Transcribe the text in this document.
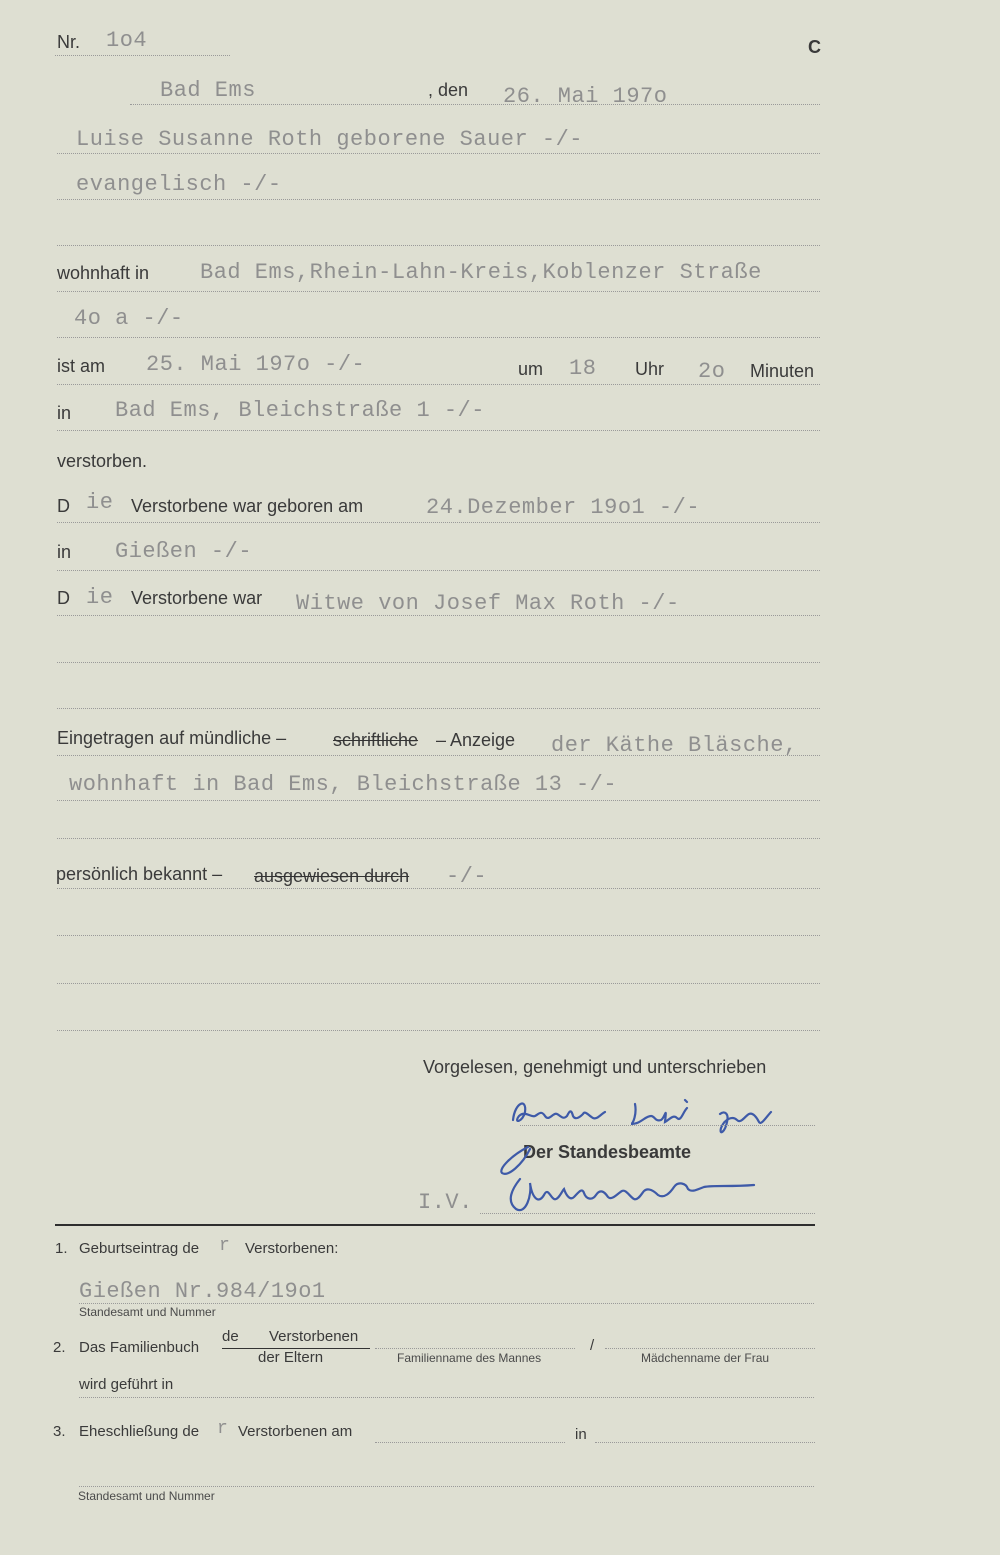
Nr. 1o4	C
Bad Ems	, den 26. Mai 197o
Luise Susanne Roth geborene Sauer -/-
evangelisch -/-
wohnhaft in Bad Ems,Rhein-Lahn-Kreis,Koblenzer Straße
4o a -/-
ist am 25. Mai 197o -/-	um 18 Uhr 2o Minuten
in Bad Ems, Bleichstraße 1 -/-
verstorben.
D ie Verstorbene war geboren am	24.Dezember 19o1 -/-
in Gießen -/-
D ie Verstorbene war Witwe von Josef Max Roth -/-
Eingetragen auf mündliche –	schriftliche – Anzeige der Käthe Bläsche,
wohnhaft in Bad Ems, Bleichstraße 13 -/-
persönlich bekannt – ausgewiesen durch -/-
Vorgelesen, genehmigt und unterschrieben
Der Standesbeamte
I.V.
1. Geburtseintrag de r Verstorbenen:
Gießen Nr.984/19o1
Standesamt und Nummer
2. Das Familienbuch
de Verstorbenen
der Eltern
/
Familienname des Mannes	Mädchenname der Frau
wird geführt in
3. Eheschließung de r Verstorbenen am	in
Standesamt und Nummer
